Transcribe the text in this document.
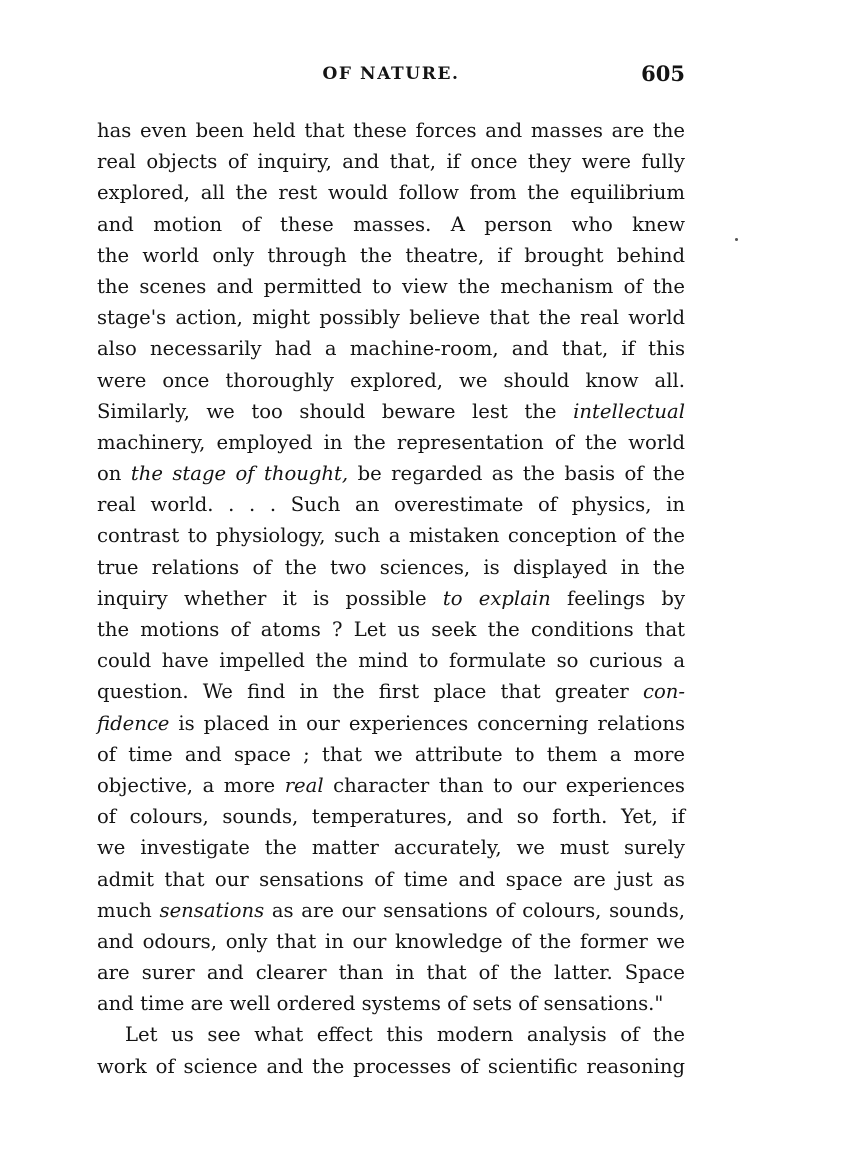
OF NATURE.	605
has even been held that these forces and masses are the
real objects of inquiry, and that, if once they were fully
explored, all the rest would follow from the equilibrium
and motion of these masses. A person who knew
the world only through the theatre, if brought behind
the scenes and permitted to view the mechanism of the
stage's action, might possibly believe that the real world
also necessarily had a machine-room, and that, if this
were once thoroughly explored, we should know all.
Similarly, we too should beware lest the intellectual
machinery, employed in the representation of the world
on the stage of thought, be regarded as the basis of the
real world. . . . Such an overestimate of physics, in
contrast to physiology, such a mistaken conception of the
true relations of the two sciences, is displayed in the
inquiry whether it is possible to explain feelings by
the motions of atoms ? Let us seek the conditions that
could have impelled the mind to formulate so curious a
question. We find in the first place that greater con-
fidence is placed in our experiences concerning relations
of time and space ; that we attribute to them a more
objective, a more real character than to our experiences
of colours, sounds, temperatures, and so forth. Yet, if
we investigate the matter accurately, we must surely
admit that our sensations of time and space are just as
much sensations as are our sensations of colours, sounds,
and odours, only that in our knowledge of the former we
are surer and clearer than in that of the latter. Space
and time are well ordered systems of sets of sensations."
Let us see what effect this modern analysis of the
work of science and the processes of scientific reasoning
